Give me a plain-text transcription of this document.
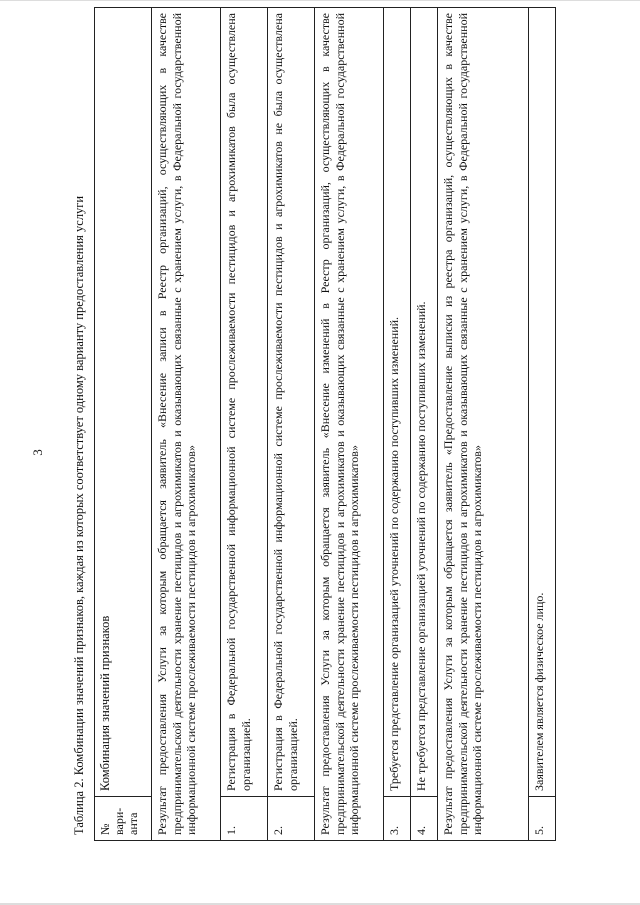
3 Таблица 2. Комбинации значений признаков, каждая из которых соответствует одному варианту предоставления услуги № вари- анта	Комбинация значений признаков
Результат предоставления Услуги за которым обращается заявитель «Внесение записи в Реестр организаций, осуществляющих в качестве предпринимательской деятельности хранение пестицидов и агрохимикатов и оказывающих связанные с хранением услуги, в Федеральной государственной информационной системе прослеживаемости пестицидов и агрохимикатов»	
1.	Регистрация в Федеральной государственной информационной системе прослеживаемости пестицидов и агрохимикатов была осуществлена организацией.
2.	Регистрация в Федеральной государственной информационной системе прослеживаемости пестицидов и агрохимикатов не была осуществлена организацией.
Результат предоставления Услуги за которым обращается заявитель «Внесение изменений в Реестр организаций, осуществляющих в качестве предпринимательской деятельности хранение пестицидов и агрохимикатов и оказывающих связанные с хранением услуги, в Федеральной государственной информационной системе прослеживаемости пестицидов и агрохимикатов»	
3.	Требуется представление организацией уточнений по содержанию поступивших изменений.
4.	Не требуется представление организацией уточнений по содержанию поступивших изменений.
Результат предоставления Услуги за которым обращается заявитель «Предоставление выписки из реестра организаций, осуществляющих в качестве предпринимательской деятельности хранение пестицидов и агрохимикатов и оказывающих связанные с хранением услуги, в Федеральной государственной информационной системе прослеживаемости пестицидов и агрохимикатов»	
5.	Заявителем является физическое лицо.
